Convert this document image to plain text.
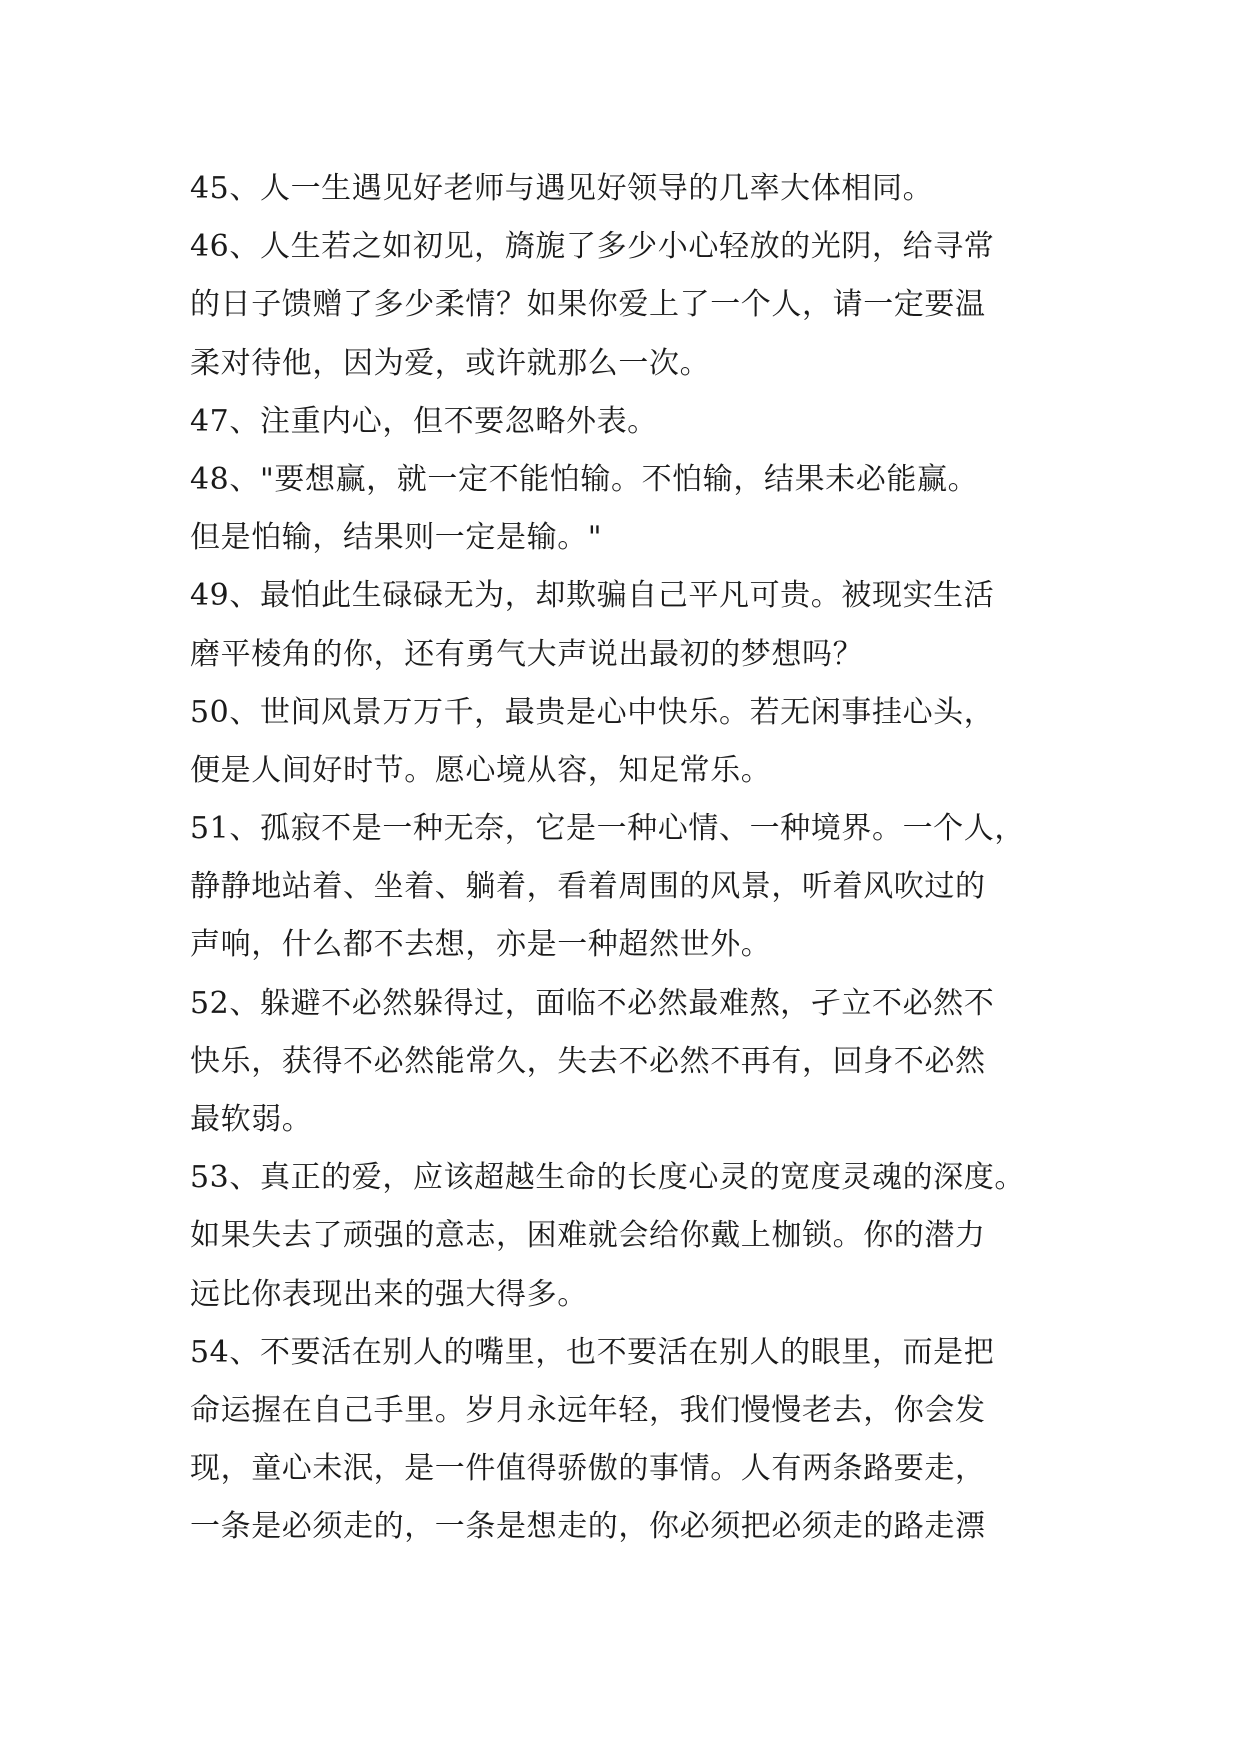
45、人一生遇见好老师与遇见好领导的几率大体相同。
46、人生若之如初见，旖旎了多少小心轻放的光阴，给寻常
的日子馈赠了多少柔情？如果你爱上了一个人，请一定要温
柔对待他，因为爱，或许就那么一次。
47、注重内心，但不要忽略外表。
48、"要想赢，就一定不能怕输。不怕输，结果未必能赢。
但是怕输，结果则一定是输。"
49、最怕此生碌碌无为，却欺骗自己平凡可贵。被现实生活
磨平棱角的你，还有勇气大声说出最初的梦想吗？
50、世间风景万万千，最贵是心中快乐。若无闲事挂心头，
便是人间好时节。愿心境从容，知足常乐。
51、孤寂不是一种无奈，它是一种心情、一种境界。一个人，
静静地站着、坐着、躺着，看着周围的风景，听着风吹过的
声响，什么都不去想，亦是一种超然世外。
52、躲避不必然躲得过，面临不必然最难熬，孑立不必然不
快乐，获得不必然能常久，失去不必然不再有，回身不必然
最软弱。
53、真正的爱，应该超越生命的长度心灵的宽度灵魂的深度。
如果失去了顽强的意志，困难就会给你戴上枷锁。你的潜力
远比你表现出来的强大得多。
54、不要活在别人的嘴里，也不要活在别人的眼里，而是把
命运握在自己手里。岁月永远年轻，我们慢慢老去，你会发
现，童心未泯，是一件值得骄傲的事情。人有两条路要走，
一条是必须走的，一条是想走的，你必须把必须走的路走漂
